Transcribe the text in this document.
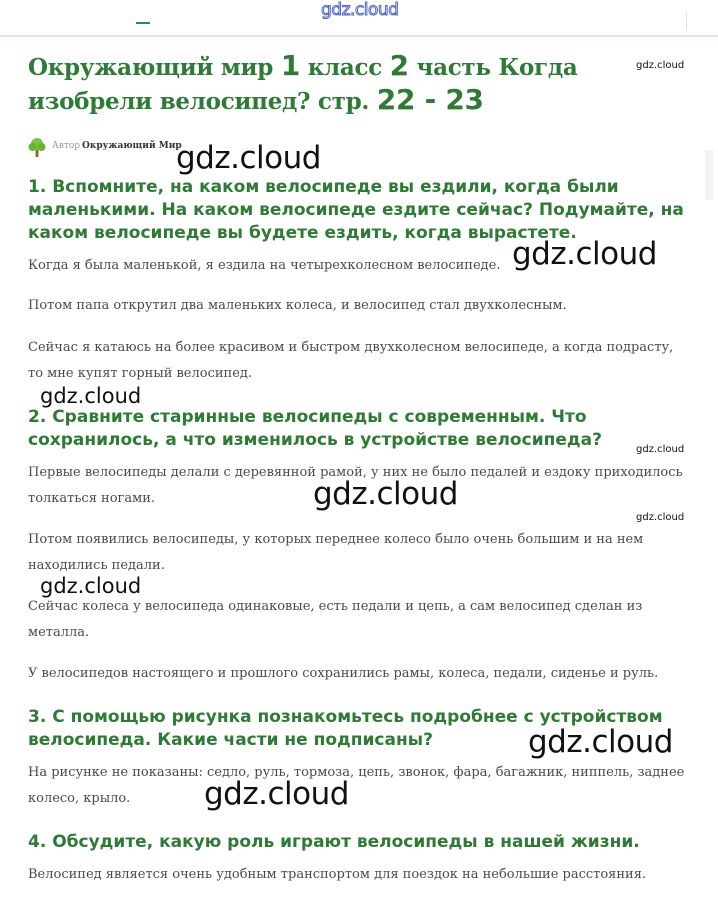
gdz.cloud
Окружающий мир 1 класс 2 часть Когда изобрели велосипед? стр. 22 - 23
Автор Окружающий Мир
1. Вспомните, на каком велосипеде вы ездили, когда были маленькими. На каком велосипеде ездите сейчас? Подумайте, на каком велосипеде вы будете ездить, когда вырастете.

Когда я была маленькой, я ездила на четырехколесном велосипеде.

Потом папа открутил два маленьких колеса, и велосипед стал двухколесным.

Сейчас я катаюсь на более красивом и быстром двухколесном велосипеде, а когда подрасту, то мне купят горный велосипед.

2. Сравните старинные велосипеды с современным. Что сохранилось, а что изменилось в устройстве велосипеда?

Первые велосипеды делали с деревянной рамой, у них не было педалей и ездоку приходилось толкаться ногами.

Потом появились велосипеды, у которых переднее колесо было очень большим и на нем находились педали.

Сейчас колеса у велосипеда одинаковые, есть педали и цепь, а сам велосипед сделан из металла.

У велосипедов настоящего и прошлого сохранились рамы, колеса, педали, сиденье и руль.

3. С помощью рисунка познакомьтесь подробнее с устройством велосипеда. Какие части не подписаны?

На рисунке не показаны: седло, руль, тормоза, цепь, звонок, фара, багажник, ниппель, заднее колесо, крыло.

4. Обсудите, какую роль играют велосипеды в нашей жизни.

Велосипед является очень удобным транспортом для поездок на небольшие расстояния.

gdz.cloud
gdz.cloud
gdz.cloud
gdz.cloud
gdz.cloud
gdz.cloud
gdz.cloud
gdz.cloud
gdz.cloud
gdz.cloud
